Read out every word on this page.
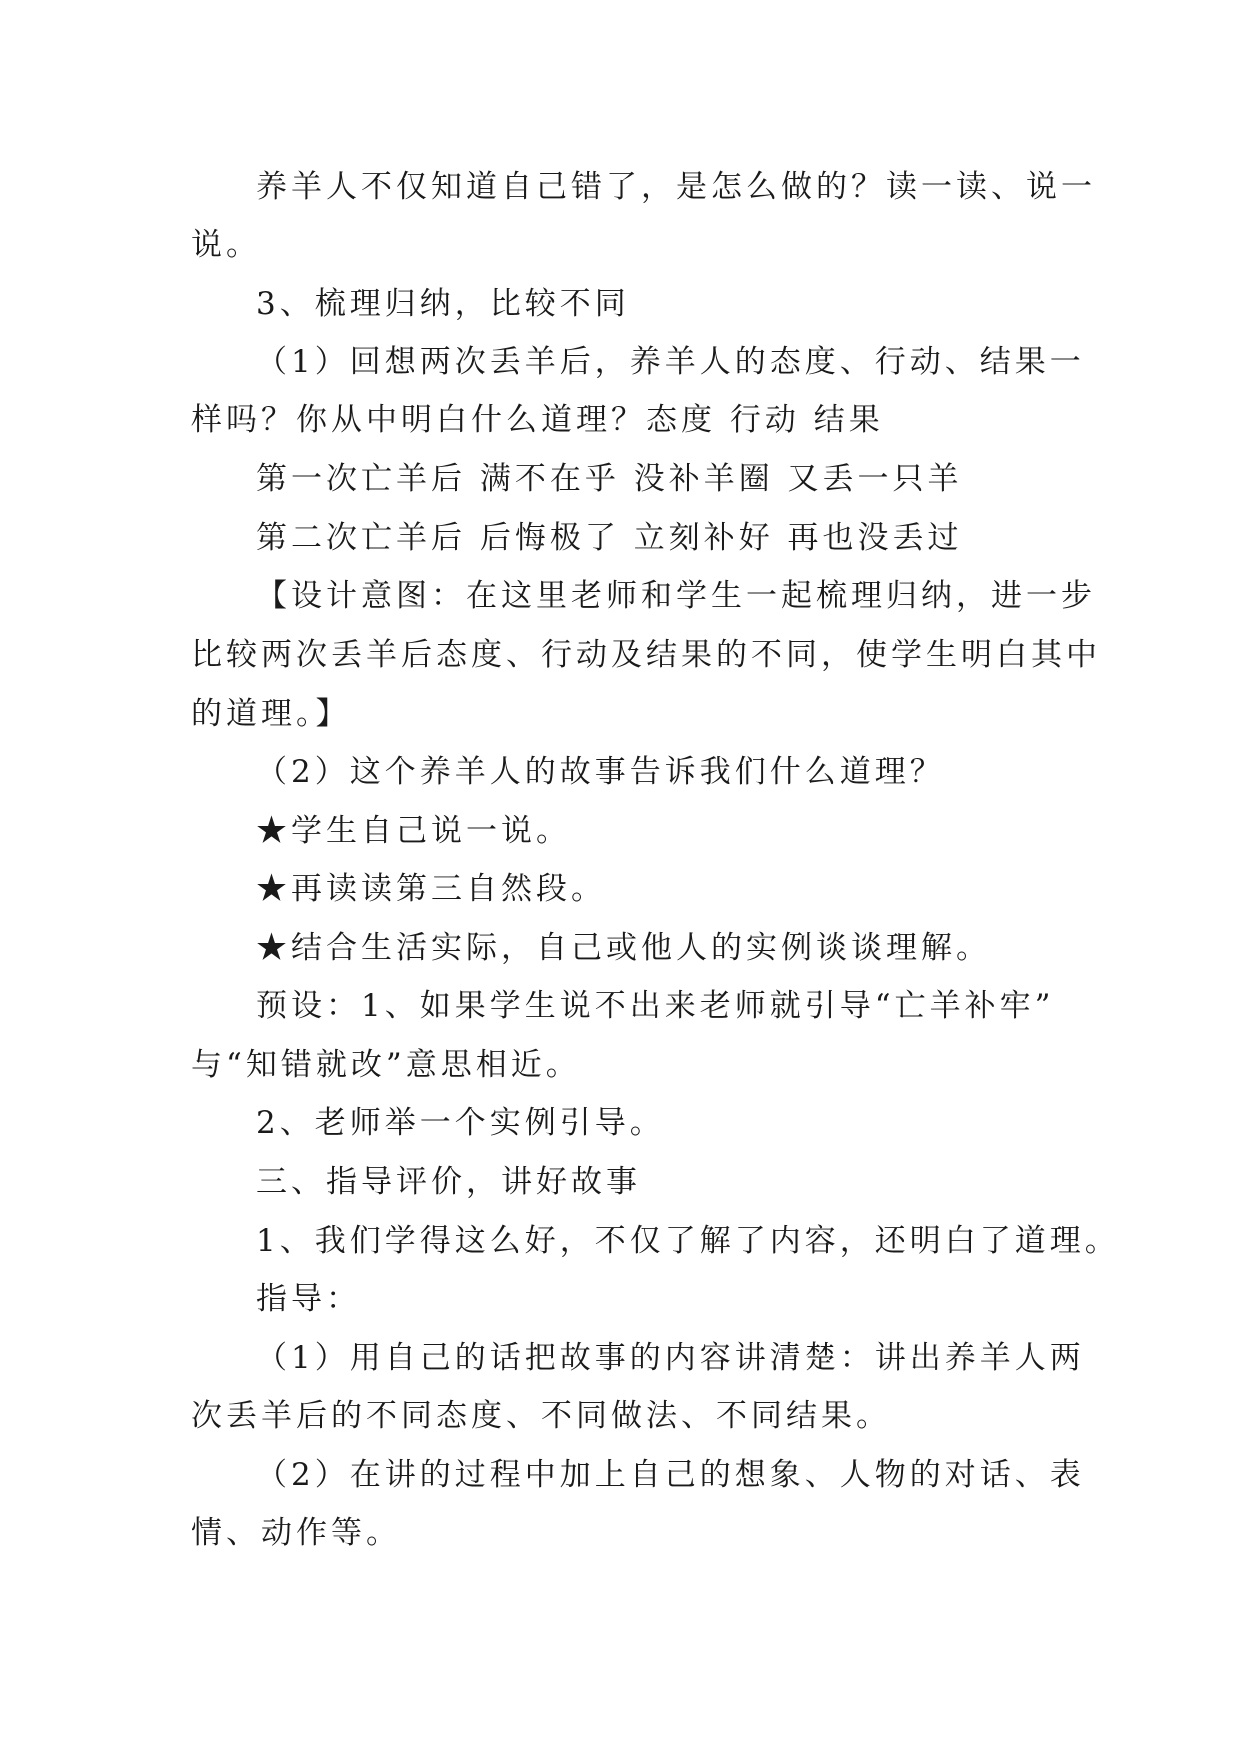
养羊人不仅知道自己错了，是怎么做的？读一读、说一
说。
3、梳理归纳，比较不同
（1）回想两次丢羊后，养羊人的态度、行动、结果一
样吗？你从中明白什么道理？态度 行动 结果
第一次亡羊后 满不在乎 没补羊圈 又丢一只羊
第二次亡羊后 后悔极了 立刻补好 再也没丢过
【设计意图：在这里老师和学生一起梳理归纳，进一步
比较两次丢羊后态度、行动及结果的不同，使学生明白其中
的道理。】
（2）这个养羊人的故事告诉我们什么道理？
★学生自己说一说。
★再读读第三自然段。
★结合生活实际，自己或他人的实例谈谈理解。
预设：1、如果学生说不出来老师就引导“亡羊补牢”
与“知错就改”意思相近。
2、老师举一个实例引导。
三、指导评价，讲好故事
1、我们学得这么好，不仅了解了内容，还明白了道理。
指导：
（1）用自己的话把故事的内容讲清楚：讲出养羊人两
次丢羊后的不同态度、不同做法、不同结果。
（2）在讲的过程中加上自己的想象、人物的对话、表
情、动作等。
